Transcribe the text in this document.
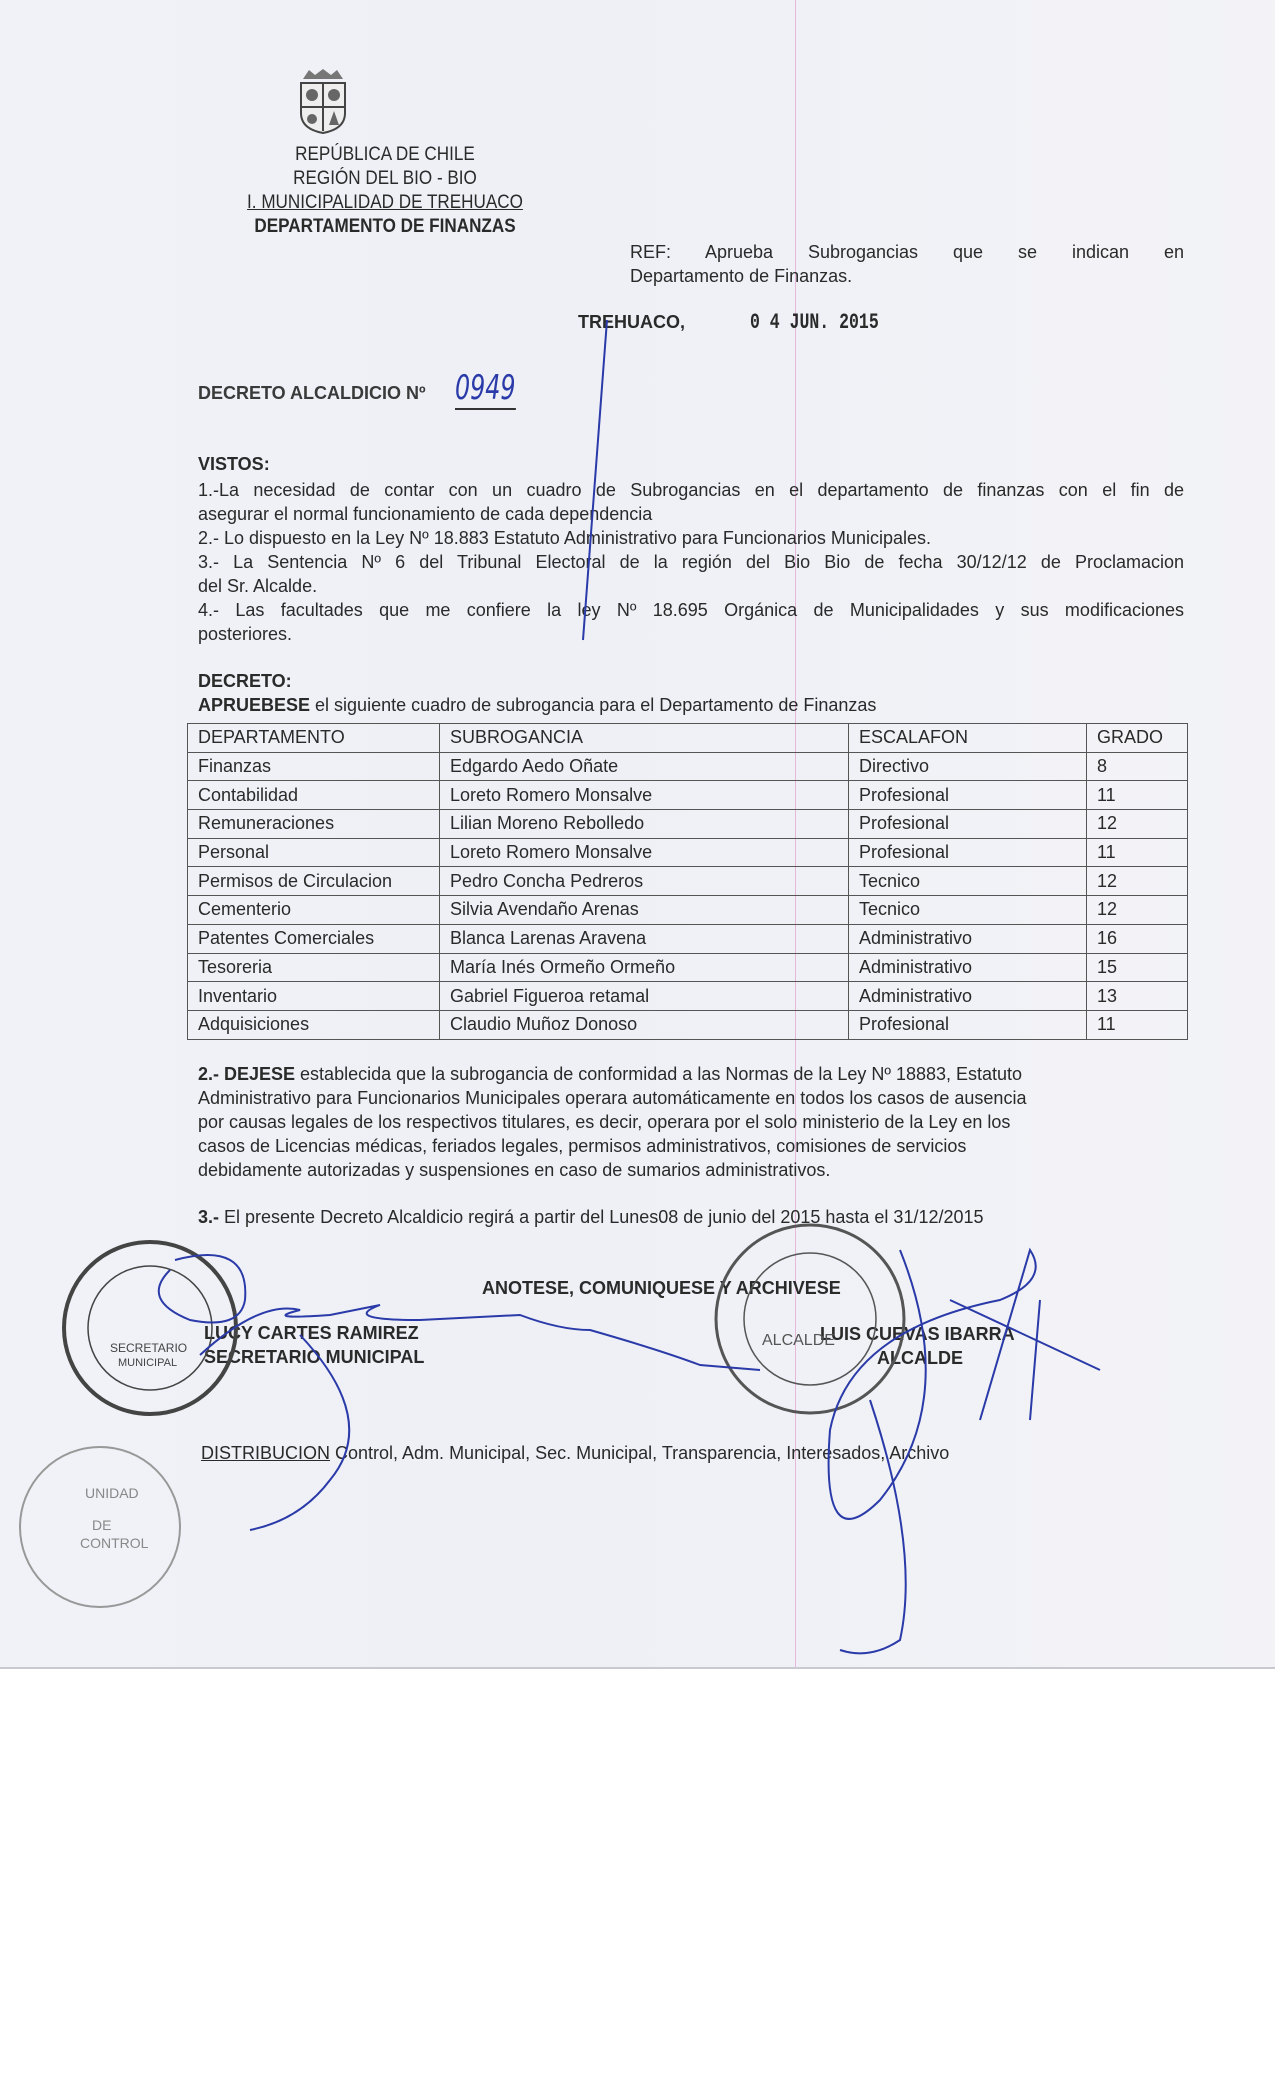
REPÚBLICA DE CHILE
REGIÓN DEL BIO - BIO
I. MUNICIPALIDAD DE TREHUACO
DEPARTAMENTO DE FINANZAS
REF: Aprueba Subrogancias que se indican en
Departamento de Finanzas.
TREHUACO,	0 4 JUN. 2015
DECRETO ALCALDICIO Nº 0949
VISTOS:
1.-La necesidad de contar con un cuadro de Subrogancias en el departamento de finanzas con el fin de
asegurar el normal funcionamiento de cada dependencia
2.- Lo dispuesto en la Ley Nº 18.883 Estatuto Administrativo para Funcionarios Municipales.
3.- La Sentencia Nº 6 del Tribunal Electoral de la región del Bio Bio de fecha 30/12/12 de Proclamacion
del Sr. Alcalde.
4.- Las facultades que me confiere la ley Nº 18.695 Orgánica de Municipalidades y sus modificaciones
posteriores.
DECRETO:
APRUEBESE el siguiente cuadro de subrogancia para el Departamento de Finanzas
DEPARTAMENTO	SUBROGANCIA	ESCALAFON	GRADO
Finanzas	Edgardo Aedo Oñate	Directivo	8
Contabilidad	Loreto Romero Monsalve	Profesional	11
Remuneraciones	Lilian Moreno Rebolledo	Profesional	12
Personal	Loreto Romero Monsalve	Profesional	11
Permisos de Circulacion	Pedro Concha Pedreros	Tecnico	12
Cementerio	Silvia Avendaño Arenas	Tecnico	12
Patentes Comerciales	Blanca Larenas Aravena	Administrativo	16
Tesoreria	María Inés Ormeño Ormeño	Administrativo	15
Inventario	Gabriel Figueroa retamal	Administrativo	13
Adquisiciones	Claudio Muñoz Donoso	Profesional	11
2.- DEJESE establecida que la subrogancia de conformidad a las Normas de la Ley Nº 18883, Estatuto
Administrativo para Funcionarios Municipales operara automáticamente en todos los casos de ausencia
por causas legales de los respectivos titulares, es decir, operara por el solo ministerio de la Ley en los
casos de Licencias médicas, feriados legales, permisos administrativos, comisiones de servicios
debidamente autorizadas y suspensiones en caso de sumarios administrativos.
3.- El presente Decreto Alcaldicio regirá a partir del Lunes08 de junio del 2015 hasta el 31/12/2015
ANOTESE, COMUNIQUESE Y ARCHIVESE
LUCY CARTES RAMIREZ
SECRETARIO MUNICIPAL
LUIS CUEVAS IBARRA
ALCALDE
DISTRIBUCION Control, Adm. Municipal, Sec. Municipal, Transparencia, Interesados, Archivo
SECRETARIO
MUNICIPAL
ALCALDE
UNIDAD
DE
CONTROL
